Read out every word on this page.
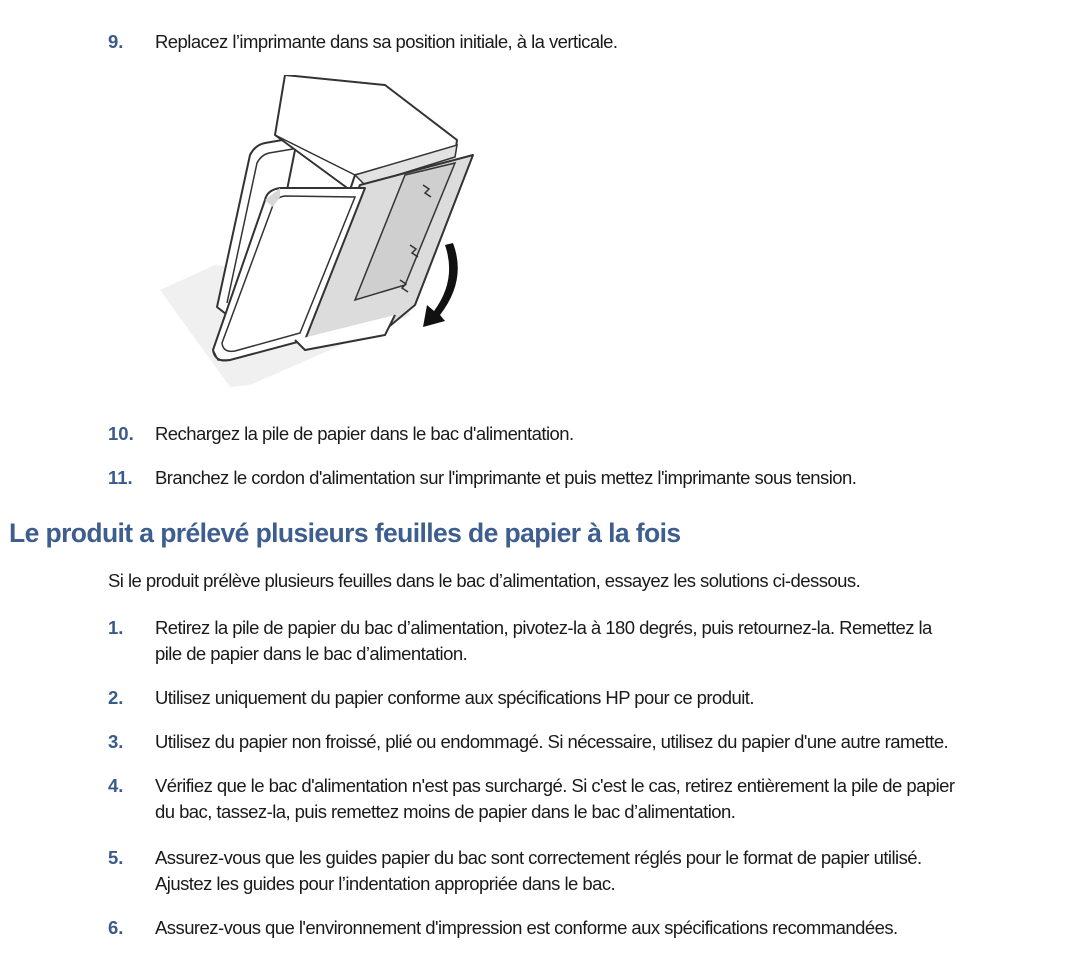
9. Replacez l’imprimante dans sa position initiale, à la verticale.
10. Rechargez la pile de papier dans le bac d'alimentation.
11. Branchez le cordon d'alimentation sur l'imprimante et puis mettez l'imprimante sous tension.
Le produit a prélevé plusieurs feuilles de papier à la fois
Si le produit prélève plusieurs feuilles dans le bac d’alimentation, essayez les solutions ci-dessous.
1. Retirez la pile de papier du bac d’alimentation, pivotez-la à 180 degrés, puis retournez-la. Remettez la
pile de papier dans le bac d’alimentation.
2. Utilisez uniquement du papier conforme aux spécifications HP pour ce produit.
3. Utilisez du papier non froissé, plié ou endommagé. Si nécessaire, utilisez du papier d'une autre ramette.
4. Vérifiez que le bac d'alimentation n'est pas surchargé. Si c'est le cas, retirez entièrement la pile de papier
du bac, tassez-la, puis remettez moins de papier dans le bac d’alimentation.
5. Assurez-vous que les guides papier du bac sont correctement réglés pour le format de papier utilisé.
Ajustez les guides pour l’indentation appropriée dans le bac.
6. Assurez-vous que l'environnement d'impression est conforme aux spécifications recommandées.
